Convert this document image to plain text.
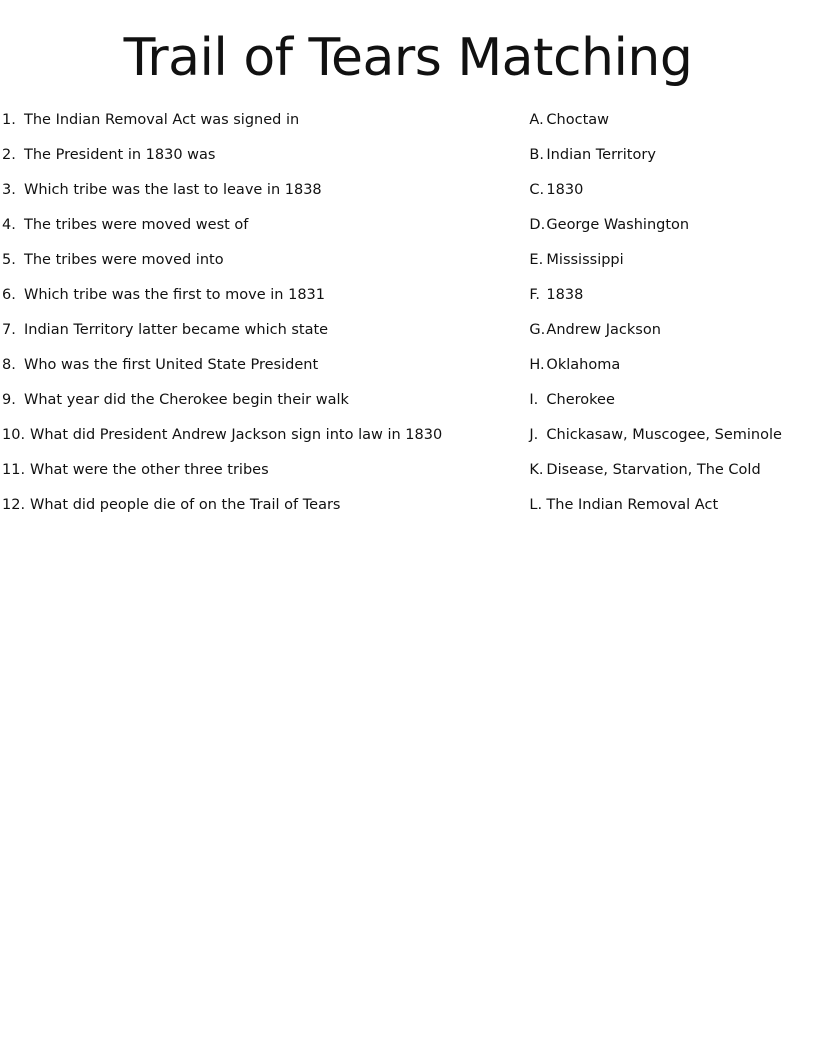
Trail of Tears Matching
1. The Indian Removal Act was signed in
2. The President in 1830 was
3. Which tribe was the last to leave in 1838
4. The tribes were moved west of
5. The tribes were moved into
6. Which tribe was the first to move in 1831
7. Indian Territory latter became which state
8. Who was the first United State President
9. What year did the Cherokee begin their walk
10. What did President Andrew Jackson sign into law in 1830
11. What were the other three tribes
12. What did people die of on the Trail of Tears
A. Choctaw
B. Indian Territory
C. 1830
D. George Washington
E. Mississippi
F. 1838
G. Andrew Jackson
H. Oklahoma
I. Cherokee
J. Chickasaw, Muscogee, Seminole
K. Disease, Starvation, The Cold
L. The Indian Removal Act
